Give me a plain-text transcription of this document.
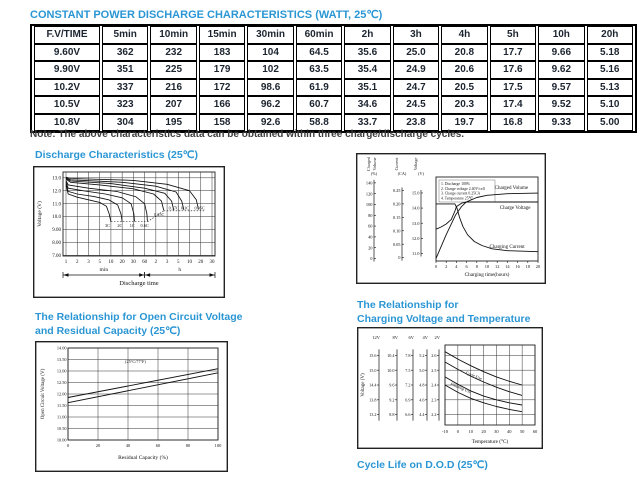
CONSTANT POWER DISCHARGE CHARACTERISTICS (WATT, 25℃)
F.V/TIME	5min	10min	15min	30min	60min	2h	3h	4h	5h	10h	20h
9.60V	362	232	183	104	64.5	35.6	25.0	20.8	17.7	9.66	5.18
9.90V	351	225	179	102	63.5	35.4	24.9	20.6	17.6	9.62	5.16
10.2V	337	216	172	98.6	61.9	35.1	24.7	20.5	17.5	9.57	5.13
10.5V	323	207	166	96.2	60.7	34.6	24.5	20.3	17.4	9.52	5.10
10.8V	304	195	158	92.6	58.8	33.7	23.8	19.7	16.8	9.33	5.00
Note: The above characteristics data can be obtained within three charge/discharge cycles.
Discharge Characteristics (25℃)
13.0
12.0
11.0
10.0
9.00
8.00
7.00
Voltage (V)
1 2 3 5 10 20 30 60 2 3 5 10 20 30
min	h
Discharge time
3C 2C 1C 0.6C
0.25C
0.17C 0.1C 0.05C
Charged Volume
(%)
140
120
100
80
60
40
20
0
Current
(CA)
0.25
0.20
0.15
0.10
0.05
0
Voltage
(V)
15.0
14.0
13.0
12.0
11.0
1. Discharge 100%
2. Charge voltage 2.40V/cell
3. Charge current 0.25CA
4. Temperature 25℃
Charged Volume
Charge Voltage
Charging Current
0 2 4 6 8 10 12 14 16 18 20
Charging time(hours)
The Relationship for Open Circuit Voltage
and Residual Capacity (25℃)
14.00
13.50
13.00
12.50
12.00
11.50
11.00
10.50
10.00
Open Circuit Voltage (V)
0	20	40	60	80	100
Residual Capacity (%)
(25°C/77°F)
The Relationship for
Charging Voltage and Temperature
Voltage (V)
12V	8V 6V 4V 2V
15.6
15.0
14.4
13.8
13.2
10.4
10.0
9.6
9.2
8.8
7.8
7.5
7.2
6.9
6.6
5.2
5.0
4.8
4.6
4.4
2.6
2.5
2.4
2.3
2.2
Cycle Use
Floating Use
-10 0 10 20 30 40 50 60
Temperature (°C)
Cycle Life on D.O.D (25℃)
